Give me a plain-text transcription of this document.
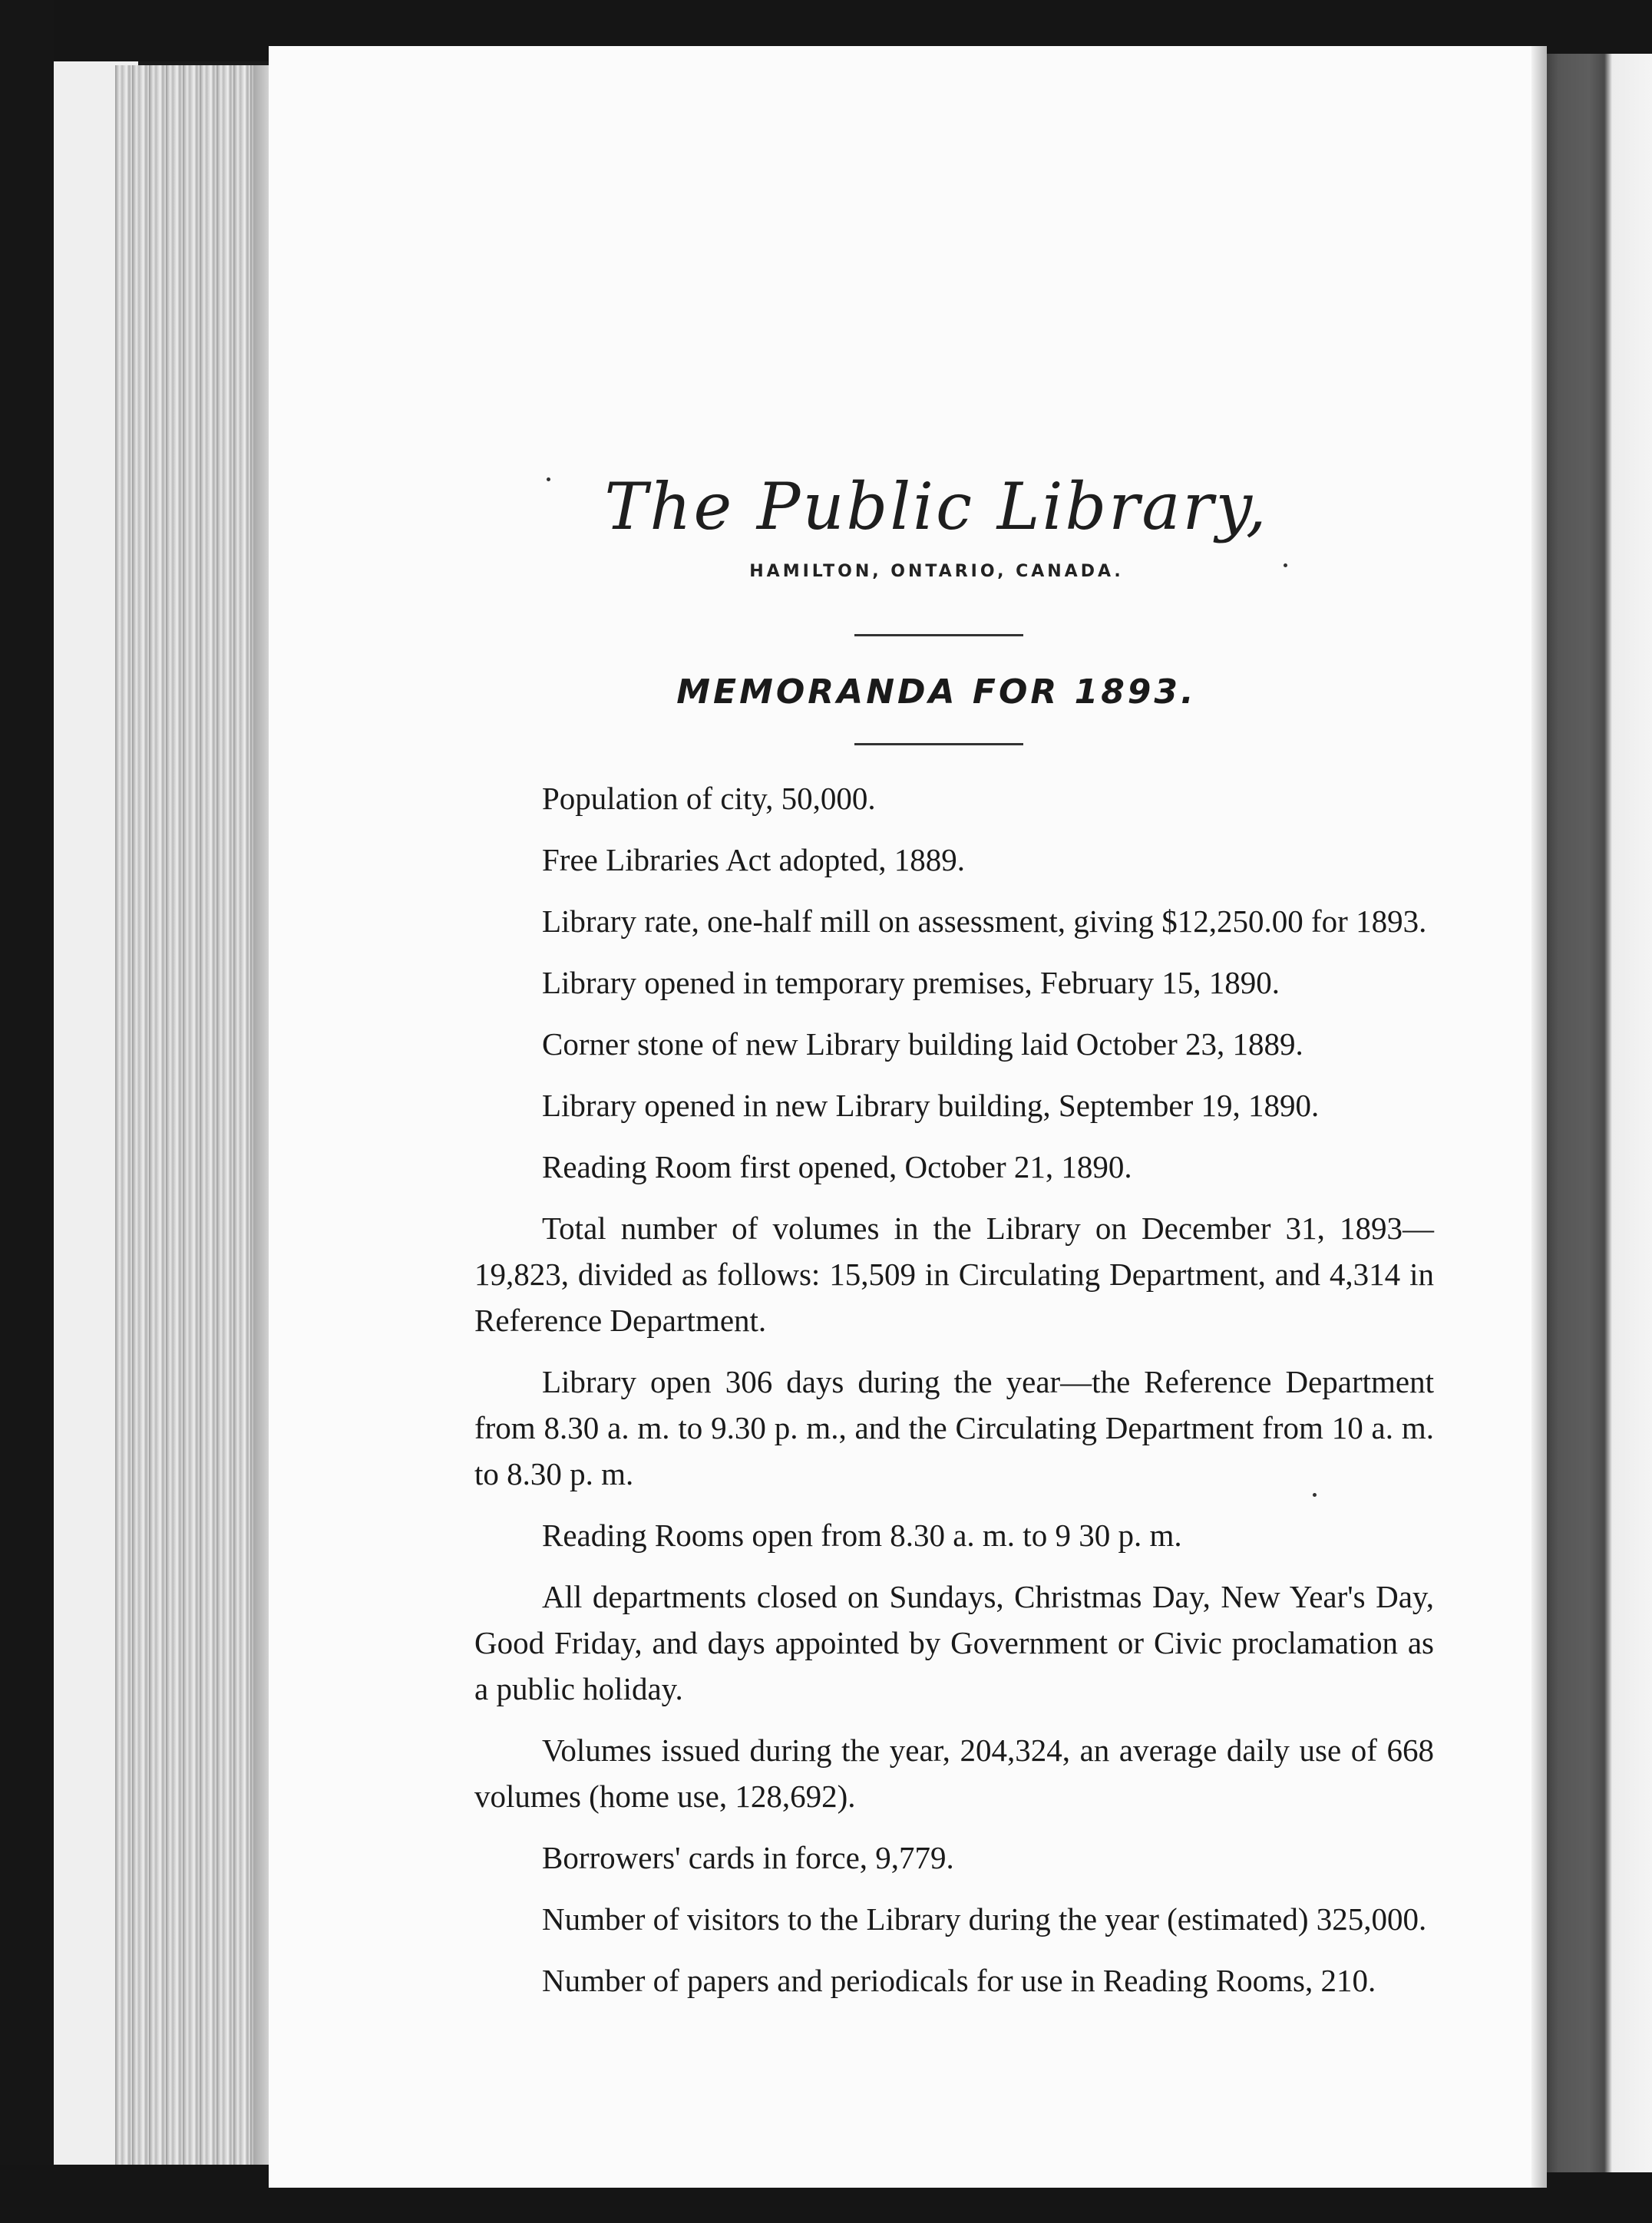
The Public Library,
HAMILTON, ONTARIO, CANADA.
MEMORANDA FOR 1893.

Population of city, 50,000.

Free Libraries Act adopted, 1889.

Library rate, one-half mill on assessment, giving $12,250.00 for 1893.

Library opened in temporary premises, February 15, 1890.

Corner stone of new Library building laid October 23, 1889.

Library opened in new Library building, September 19, 1890.

Reading Room first opened, October 21, 1890.

Total number of volumes in the Library on December 31, 1893—19,823, divided as follows: 15,509 in Circulating Department, and 4,314 in Reference Department.

Library open 306 days during the year—the Reference Department from 8.30 a. m. to 9.30 p. m., and the Circulating Department from 10 a. m. to 8.30 p. m.

Reading Rooms open from 8.30 a. m. to 9 30 p. m.

All departments closed on Sundays, Christmas Day, New Year's Day, Good Friday, and days appointed by Government or Civic proclamation as a public holiday.

Volumes issued during the year, 204,324, an average daily use of 668 volumes (home use, 128,692).

Borrowers' cards in force, 9,779.

Number of visitors to the Library during the year (estimated) 325,000.

Number of papers and periodicals for use in Reading Rooms, 210.
